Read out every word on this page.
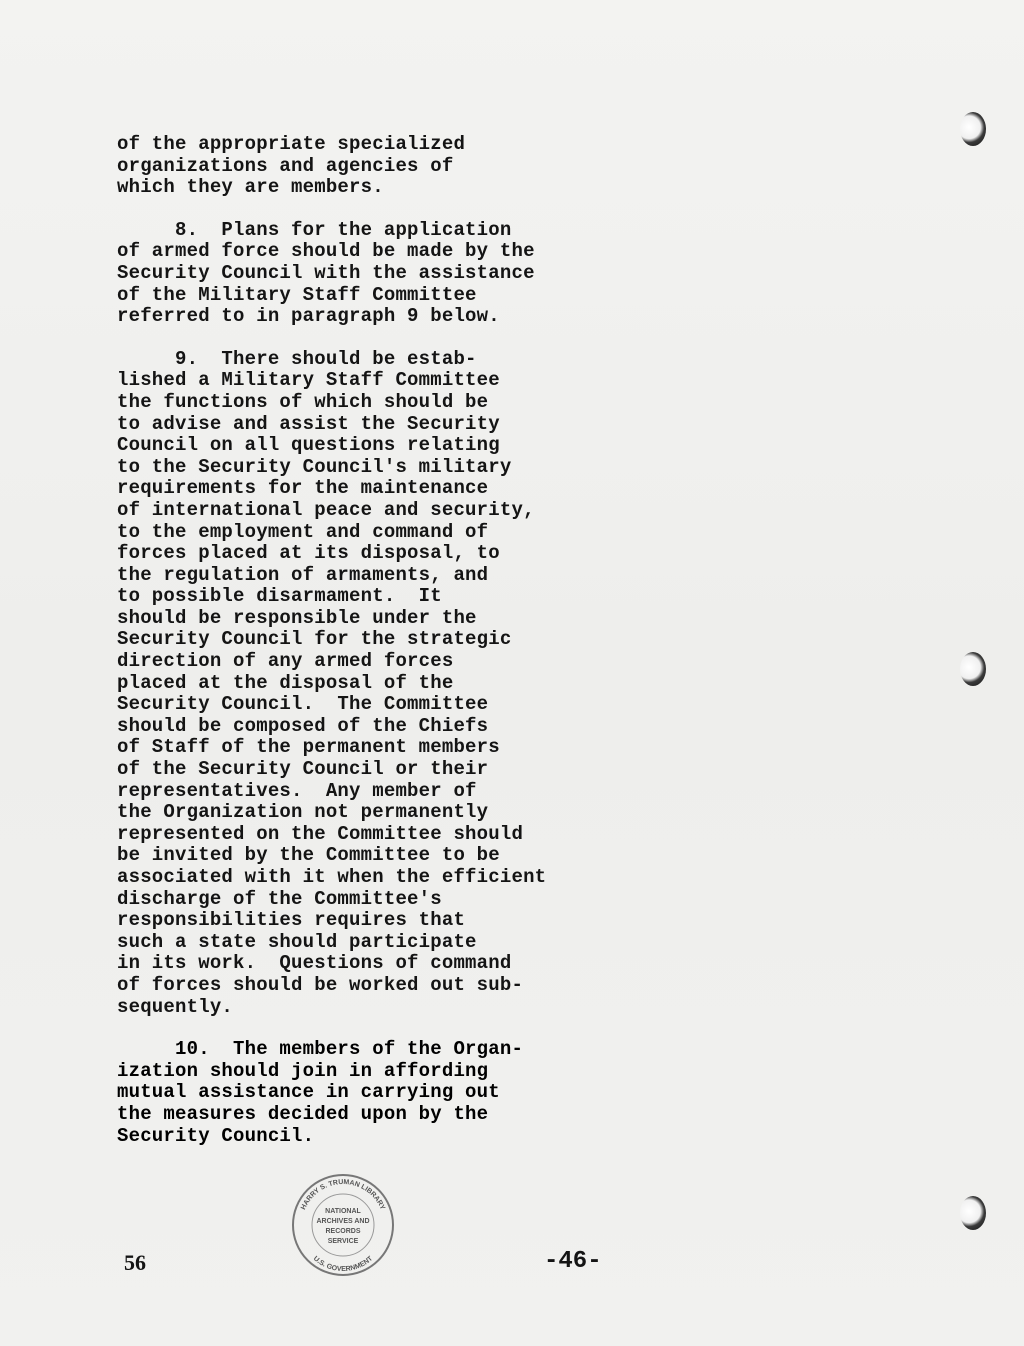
of the appropriate specialized
organizations and agencies of
which they are members.
8.  Plans for the application
of armed force should be made by the
Security Council with the assistance
of the Military Staff Committee
referred to in paragraph 9 below.
9.  There should be estab-
lished a Military Staff Committee
the functions of which should be
to advise and assist the Security
Council on all questions relating
to the Security Council's military
requirements for the maintenance
of international peace and security,
to the employment and command of
forces placed at its disposal, to
the regulation of armaments, and
to possible disarmament.  It
should be responsible under the
Security Council for the strategic
direction of any armed forces
placed at the disposal of the
Security Council.  The Committee
should be composed of the Chiefs
of Staff of the permanent members
of the Security Council or their
representatives.  Any member of
the Organization not permanently
represented on the Committee should
be invited by the Committee to be
associated with it when the efficient
discharge of the Committee's
responsibilities requires that
such a state should participate
in its work.  Questions of command
of forces should be worked out sub-
sequently.
10.  The members of the Organ-
ization should join in affording
mutual assistance in carrying out
the measures decided upon by the
Security Council.
HARRY S. TRUMAN LIBRARY
U.S. GOVERNMENT
NATIONAL
ARCHIVES AND
RECORDS
SERVICE
56	-46-
